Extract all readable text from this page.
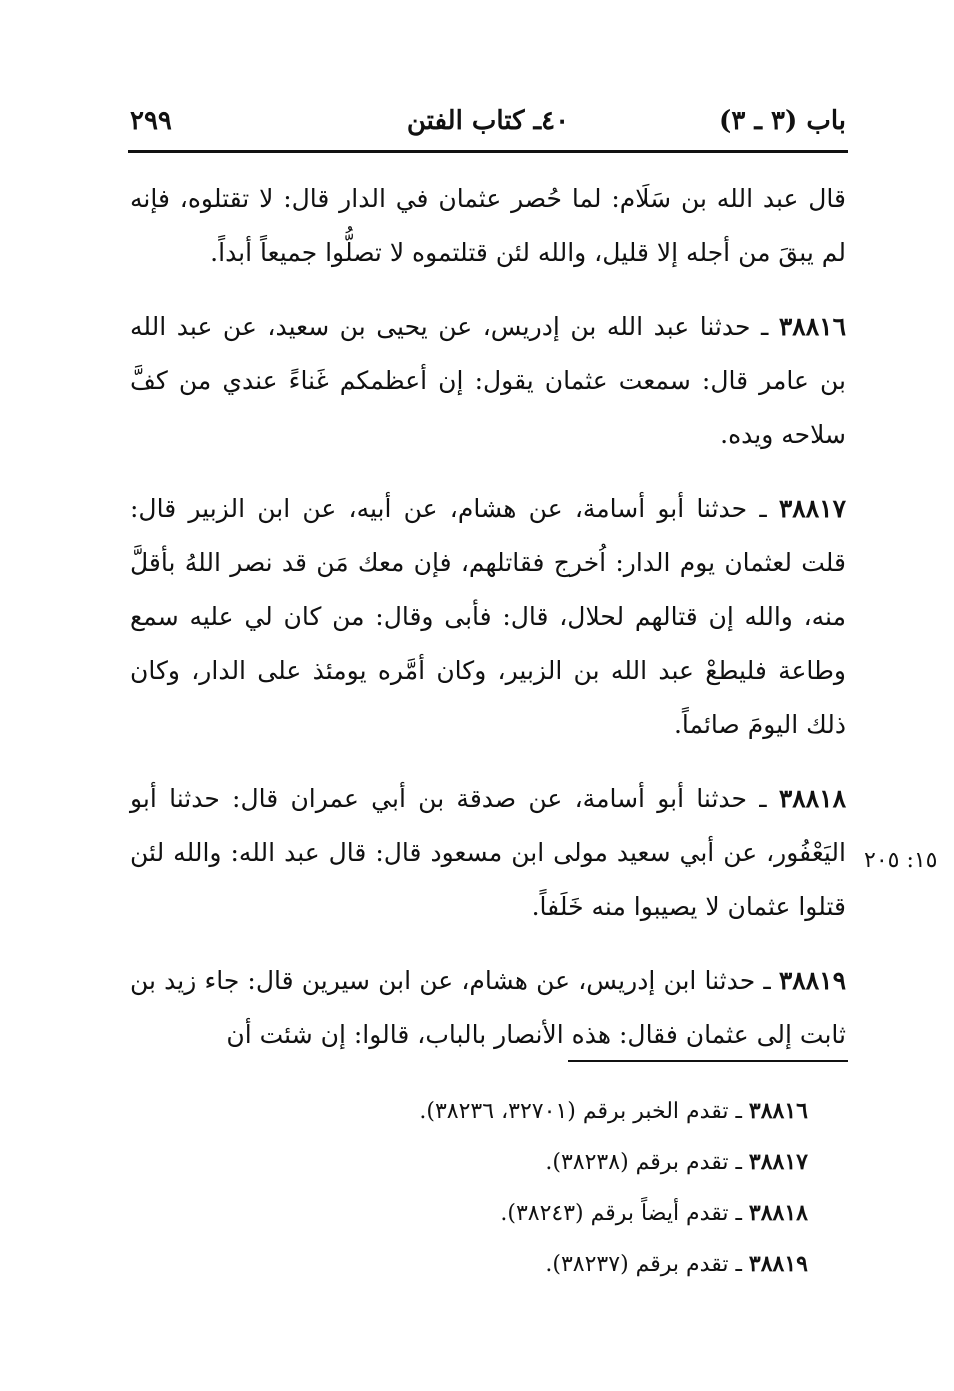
باب (٣ ـ ٣)
٤٠ـ كتاب الفتن
٢٩٩

قال عبد الله بن سَلَام: لما حُصر عثمان في الدار قال: لا تقتلوه، فإنه لم يبقَ من أجله إلا قليل، والله لئن قتلتموه لا تصلُّوا جميعاً أبداً.

٣٨٨١٦ ـ حدثنا عبد الله بن إدريس، عن يحيى بن سعيد، عن عبد الله بن عامر قال: سمعت عثمان يقول: إن أعظمكم غَناءً عندي من كفَّ سلاحه ويده.

٣٨٨١٧ ـ حدثنا أبو أسامة، عن هشام، عن أبيه، عن ابن الزبير قال: قلت لعثمان يوم الدار: اُخرج فقاتلهم، فإن معك مَن قد نصر اللهُ بأقلَّ منه، والله إن قتالهم لحلال، قال: فأبى وقال: من كان لي عليه سمع وطاعة فليطعْ عبد الله بن الزبير، وكان أمَّره يومئذ على الدار، وكان ذلك اليومَ صائماً.

٣٨٨١٨ ـ حدثنا أبو أسامة، عن صدقة بن أبي عمران قال: حدثنا أبو اليَعْفُور، عن أبي سعيد مولى ابن مسعود قال: قال عبد الله: والله لئن قتلوا عثمان لا يصيبوا منه خَلَفاً.

٣٨٨١٩ ـ حدثنا ابن إدريس، عن هشام، عن ابن سيرين قال: جاء زيد بن ثابت إلى عثمان فقال: هذه الأنصار بالباب، قالوا: إن شئت أن

١٥: ٢٠٥
٣٨٨١٦ ـ تقدم الخبر برقم (٣٢٧٠١، ٣٨٢٣٦).
٣٨٨١٧ ـ تقدم برقم (٣٨٢٣٨).
٣٨٨١٨ ـ تقدم أيضاً برقم (٣٨٢٤٣).
٣٨٨١٩ ـ تقدم برقم (٣٨٢٣٧).
